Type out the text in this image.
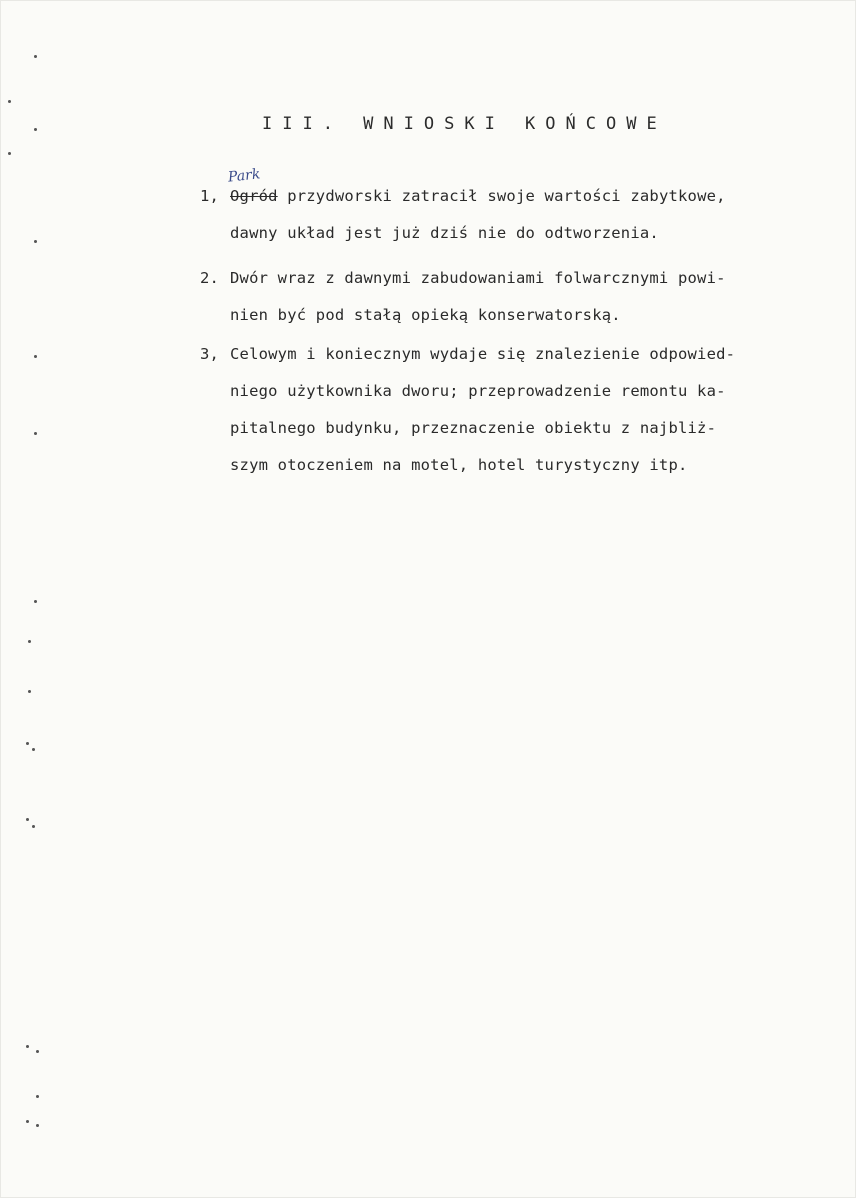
III. WNIOSKI KOŃCOWE
Park
1, Ogród przydworski zatracił swoje wartości zabytkowe,
dawny układ jest już dziś nie do odtworzenia.
2. Dwór wraz z dawnymi zabudowaniami folwarcznymi powi-
nien być pod stałą opieką konserwatorską.
3, Celowym i koniecznym wydaje się znalezienie odpowied-
niego użytkownika dworu; przeprowadzenie remontu ka-
pitalnego budynku, przeznaczenie obiektu z najbliż-
szym otoczeniem na motel, hotel turystyczny itp.
